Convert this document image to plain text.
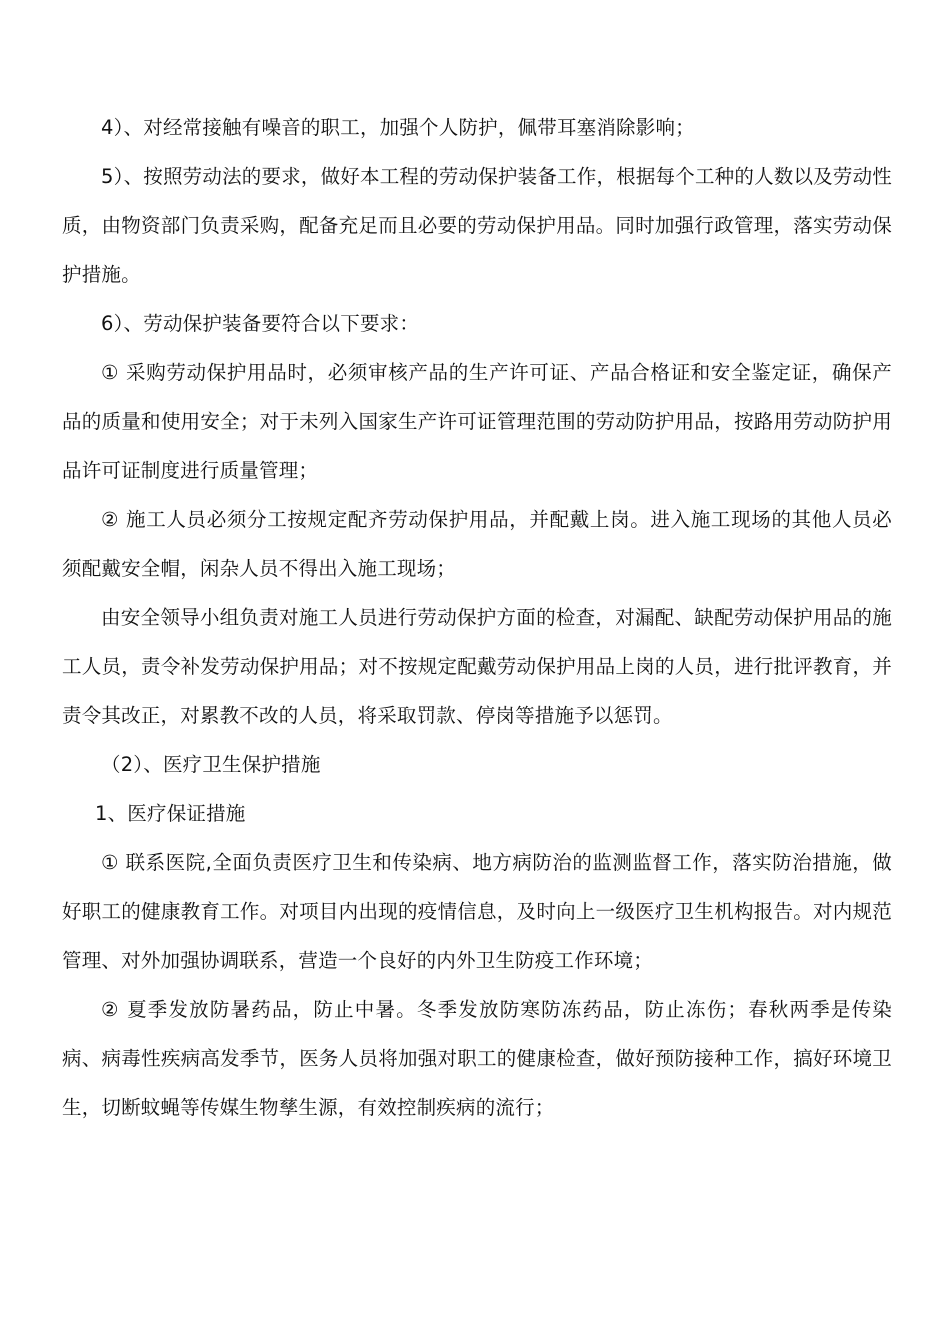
4）、对经常接触有噪音的职工，加强个人防护，佩带耳塞消除影响；

5）、按照劳动法的要求，做好本工程的劳动保护装备工作，根据每个工种的人数以及劳动性质，由物资部门负责采购，配备充足而且必要的劳动保护用品。同时加强行政管理，落实劳动保护措施。

6）、劳动保护装备要符合以下要求：

① 采购劳动保护用品时，必须审核产品的生产许可证、产品合格证和安全鉴定证，确保产品的质量和使用安全；对于未列入国家生产许可证管理范围的劳动防护用品，按路用劳动防护用品许可证制度进行质量管理；

② 施工人员必须分工按规定配齐劳动保护用品，并配戴上岗。进入施工现场的其他人员必须配戴安全帽，闲杂人员不得出入施工现场；

由安全领导小组负责对施工人员进行劳动保护方面的检查，对漏配、缺配劳动保护用品的施工人员，责令补发劳动保护用品；对不按规定配戴劳动保护用品上岗的人员，进行批评教育，并责令其改正，对累教不改的人员，将采取罚款、停岗等措施予以惩罚。

（2）、医疗卫生保护措施

1、医疗保证措施

① 联系医院,全面负责医疗卫生和传染病、地方病防治的监测监督工作，落实防治措施，做好职工的健康教育工作。对项目内出现的疫情信息，及时向上一级医疗卫生机构报告。对内规范管理、对外加强协调联系，营造一个良好的内外卫生防疫工作环境；

② 夏季发放防暑药品，防止中暑。冬季发放防寒防冻药品，防止冻伤；春秋两季是传染病、病毒性疾病高发季节，医务人员将加强对职工的健康检查，做好预防接种工作，搞好环境卫生，切断蚊蝇等传媒生物孳生源，有效控制疾病的流行；
